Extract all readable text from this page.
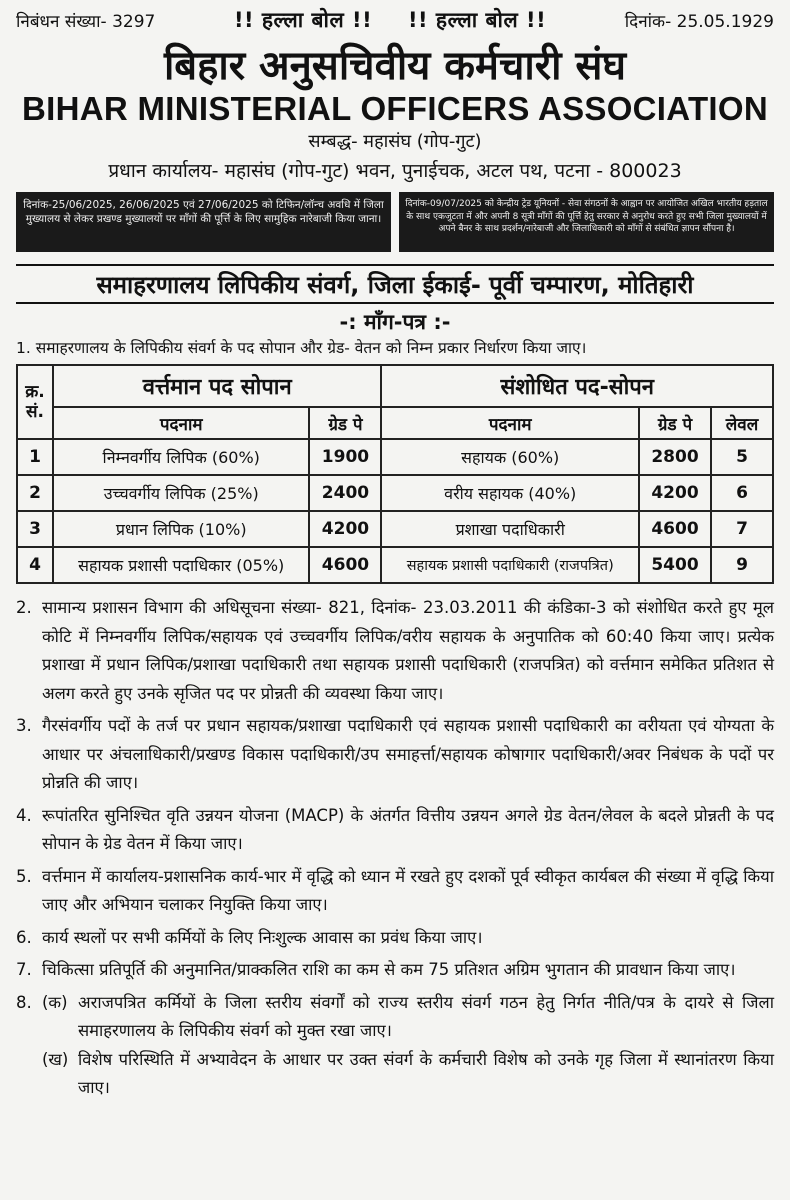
निबंधन संख्या- 3297	!! हल्ला बोल !! !! हल्ला बोल !!	दिनांक- 25.05.1929
बिहार अनुसचिवीय कर्मचारी संघ
BIHAR MINISTERIAL OFFICERS ASSOCIATION
सम्बद्ध- महासंघ (गोप-गुट)
प्रधान कार्यालय- महासंघ (गोप-गुट) भवन, पुनाईचक, अटल पथ, पटना - 800023
दिनांक-25/06/2025, 26/06/2025 एवं 27/06/2025 को टिफिन/लॉन्च अवधि में जिला मुख्यालय से लेकर प्रखण्ड मुख्यालयों पर माँगों की पूर्त्ति के लिए सामुहिक नारेबाजी किया जाना।
दिनांक-09/07/2025 को केन्द्रीय ट्रेड यूनियनों - सेवा संगठनों के आह्वान पर आयोजित अखिल भारतीय हड़ताल के साथ एकजुटता में और अपनी 8 सूत्री माँगों की पूर्त्ति हेतु सरकार से अनुरोध करते हुए सभी जिला मुख्यालयों में अपने बैनर के साथ प्रदर्शन/नारेबाजी और जिलाधिकारी को माँगों से संबंधित ज्ञापन सौंपना है।
समाहरणालय लिपिकीय संवर्ग, जिला ईकाई- पूर्वी चम्पारण, मोतिहारी
-: माँग-पत्र :-
1. समाहरणालय के लिपिकीय संवर्ग के पद सोपान और ग्रेड- वेतन को निम्न प्रकार निर्धारण किया जाए।
क्र. सं.	वर्त्तमान पद सोपान		संशोधित पद-सोपन		
	पदनाम	ग्रेड पे	पदनाम	ग्रेड पे	लेवल
1	निम्नवर्गीय लिपिक (60%)	1900	सहायक (60%)	2800	5
2	उच्चवर्गीय लिपिक (25%)	2400	वरीय सहायक (40%)	4200	6
3	प्रधान लिपिक (10%)	4200	प्रशाखा पदाधिकारी	4600	7
4	सहायक प्रशासी पदाधिकार (05%)	4600	सहायक प्रशासी पदाधिकारी (राजपत्रित)	5400	9
2. सामान्य प्रशासन विभाग की अधिसूचना संख्या- 821, दिनांक- 23.03.2011 की कंडिका-3 को संशोधित करते हुए मूल कोटि में निम्नवर्गीय लिपिक/सहायक एवं उच्चवर्गीय लिपिक/वरीय सहायक के अनुपातिक को 60:40 किया जाए। प्रत्येक प्रशाखा में प्रधान लिपिक/प्रशाखा पदाधिकारी तथा सहायक प्रशासी पदाधिकारी (राजपत्रित) को वर्त्तमान समेकित प्रतिशत से अलग करते हुए उनके सृजित पद पर प्रोन्नती की व्यवस्था किया जाए।
3. गैरसंवर्गीय पदों के तर्ज पर प्रधान सहायक/प्रशाखा पदाधिकारी एवं सहायक प्रशासी पदाधिकारी का वरीयता एवं योग्यता के आधार पर अंचलाधिकारी/प्रखण्ड विकास पदाधिकारी/उप समाहर्त्ता/सहायक कोषागार पदाधिकारी/अवर निबंधक के पदों पर प्रोन्नति की जाए।
4. रूपांतरित सुनिश्चित वृति उन्नयन योजना (MACP) के अंतर्गत वित्तीय उन्नयन अगले ग्रेड वेतन/लेवल के बदले प्रोन्नती के पद सोपान के ग्रेड वेतन में किया जाए।
5. वर्त्तमान में कार्यालय-प्रशासनिक कार्य-भार में वृद्धि को ध्यान में रखते हुए दशकों पूर्व स्वीकृत कार्यबल की संख्या में वृद्धि किया जाए और अभियान चलाकर नियुक्ति किया जाए।
6. कार्य स्थलों पर सभी कर्मियों के लिए निःशुल्क आवास का प्रवंध किया जाए।
7. चिकित्सा प्रतिपूर्ति की अनुमानित/प्राक्कलित राशि का कम से कम 75 प्रतिशत अग्रिम भुगतान की प्रावधान किया जाए।
8. (क) अराजपत्रित कर्मियों के जिला स्तरीय संवर्गों को राज्य स्तरीय संवर्ग गठन हेतु निर्गत नीति/पत्र के दायरे से जिला समाहरणालय के लिपिकीय संवर्ग को मुक्त रखा जाए।
(ख) विशेष परिस्थिति में अभ्यावेदन के आधार पर उक्त संवर्ग के कर्मचारी विशेष को उनके गृह जिला में स्थानांतरण किया जाए।
